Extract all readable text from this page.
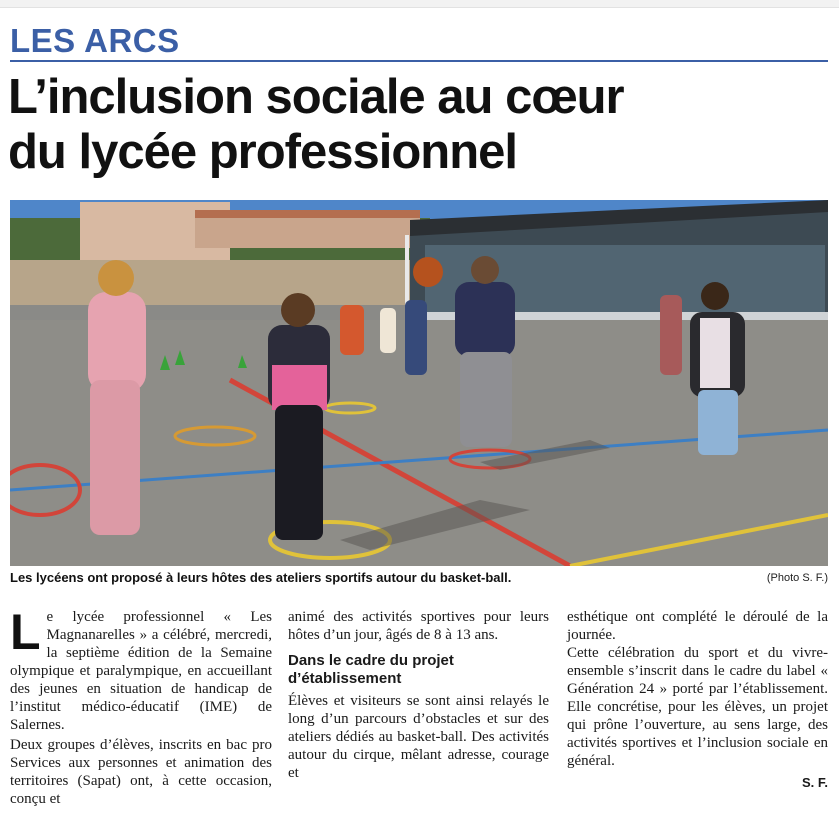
LES ARCS
L’inclusion sociale au cœur
du lycée professionnel
Les lycéens ont proposé à leurs hôtes des ateliers sportifs autour du basket-ball.	(Photo S. F.)

Le lycée professionnel « Les Magnanarelles » a célébré, mercredi, la septième édition de la Semaine olympique et paralympique, en accueillant des jeunes en situation de handicap de l’institut médico-éducatif (IME) de Salernes.

Deux groupes d’élèves, inscrits en bac pro Services aux personnes et animation des territoires (Sapat) ont, à cette occasion, conçu et

animé des activités sportives pour leurs hôtes d’un jour, âgés de 8 à 13 ans.

Dans le cadre du projet d’établissement

Élèves et visiteurs se sont ainsi relayés le long d’un parcours d’obstacles et sur des ateliers dédiés au basket-ball. Des activités autour du cirque, mêlant adresse, courage et

esthétique ont complété le déroulé de la journée.

Cette célébration du sport et du vivre-ensemble s’inscrit dans le cadre du label « Génération 24 » porté par l’établissement. Elle concrétise, pour les élèves, un projet qui prône l’ouverture, au sens large, des activités sportives et l’inclusion sociale en général.

S. F.
